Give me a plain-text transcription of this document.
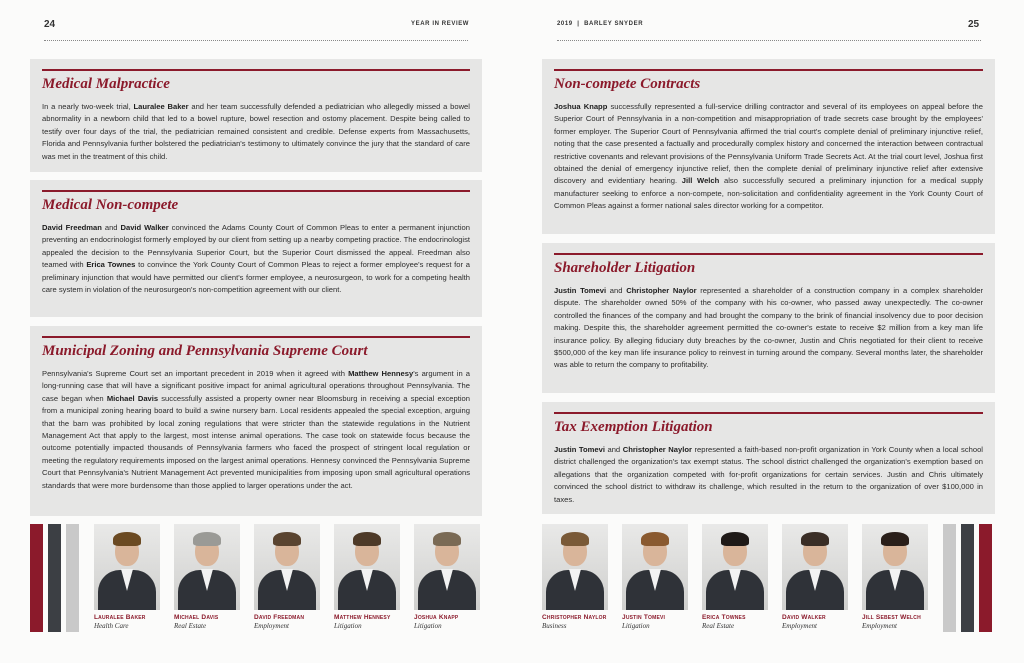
24	YEAR IN REVIEW
Medical Malpractice
In a nearly two-week trial, Lauralee Baker and her team successfully defended a pediatrician who allegedly missed a bowel abnormality in a newborn child that led to a bowel rupture, bowel resection and ostomy placement. Despite being called to testify over four days of the trial, the pediatrician remained consistent and credible. Defense experts from Massachusetts, Florida and Pennsylvania further bolstered the pediatrician's testimony to ultimately convince the jury that the standard of care was met in the treatment of this child.
Medical Non-compete
David Freedman and David Walker convinced the Adams County Court of Common Pleas to enter a permanent injunction preventing an endocrinologist formerly employed by our client from setting up a nearby competing practice. The endocrinologist appealed the decision to the Pennsylvania Superior Court, but the Superior Court dismissed the appeal. Freedman also teamed with Erica Townes to convince the York County Court of Common Pleas to reject a former employee's request for a preliminary injunction that would have permitted our client's former employee, a neurosurgeon, to work for a competing health care system in violation of the neurosurgeon's non-competition agreement with our client.
Municipal Zoning and Pennsylvania Supreme Court
Pennsylvania's Supreme Court set an important precedent in 2019 when it agreed with Matthew Hennesy's argument in a long-running case that will have a significant positive impact for animal agricultural operations throughout Pennsylvania. The case began when Michael Davis successfully assisted a property owner near Bloomsburg in receiving a special exception from a municipal zoning hearing board to build a swine nursery barn. Local residents appealed the special exception, arguing that the barn was prohibited by local zoning regulations that were stricter than the statewide regulations in the Nutrient Management Act that apply to the largest, most intense animal operations. The case took on statewide focus because the outcome potentially impacted thousands of Pennsylvania farmers who faced the prospect of stringent local regulation or meeting the regulatory requirements imposed on the largest animal operations. Hennesy convinced the Pennsylvania Supreme Court that Pennsylvania's Nutrient Management Act prevented municipalities from imposing upon small agricultural operations standards that were more burdensome than those applied to larger operations under the act.
Lauralee Baker
Health Care
Michael Davis
Real Estate
David Freedman
Employment
Matthew Hennesy
Litigation
Joshua Knapp
Litigation
25
2019  |  BARLEY SNYDER
Non-compete Contracts
Joshua Knapp successfully represented a full-service drilling contractor and several of its employees on appeal before the Superior Court of Pennsylvania in a non-competition and misappropriation of trade secrets case brought by the employees' former employer. The Superior Court of Pennsylvania affirmed the trial court's complete denial of preliminary injunctive relief, noting that the case presented a factually and procedurally complex history and concerned the interaction between contractual restrictive covenants and relevant provisions of the Pennsylvania Uniform Trade Secrets Act. At the trial court level, Joshua first obtained the denial of emergency injunctive relief, then the complete denial of preliminary injunctive relief after extensive discovery and evidentiary hearing. Jill Welch also successfully secured a preliminary injunction for a medical supply manufacturer seeking to enforce a non-compete, non-solicitation and confidentiality agreement in the York County Court of Common Pleas against a former national sales director working for a competitor.
Shareholder Litigation
Justin Tomevi and Christopher Naylor represented a shareholder of a construction company in a complex shareholder dispute. The shareholder owned 50% of the company with his co-owner, who passed away unexpectedly. The co-owner controlled the finances of the company and had brought the company to the brink of financial insolvency due to poor decision making. Despite this, the shareholder agreement permitted the co-owner's estate to receive $2 million from a key man life insurance policy. By alleging fiduciary duty breaches by the co-owner, Justin and Chris negotiated for their client to receive $500,000 of the key man life insurance policy to reinvest in turning around the company. Several months later, the shareholder was able to return the company to profitability.
Tax Exemption Litigation
Justin Tomevi and Christopher Naylor represented a faith-based non-profit organization in York County when a local school district challenged the organization's tax exempt status. The school district challenged the organization's exemption based on allegations that the organization competed with for-profit organizations for certain services. Justin and Chris ultimately convinced the school district to withdraw its challenge, which resulted in the return to the organization of over $100,000 in taxes.
Christopher Naylor
Business
Justin Tomevi
Litigation
Erica Townes
Real Estate
David Walker
Employment
Jill Sebest Welch
Employment
